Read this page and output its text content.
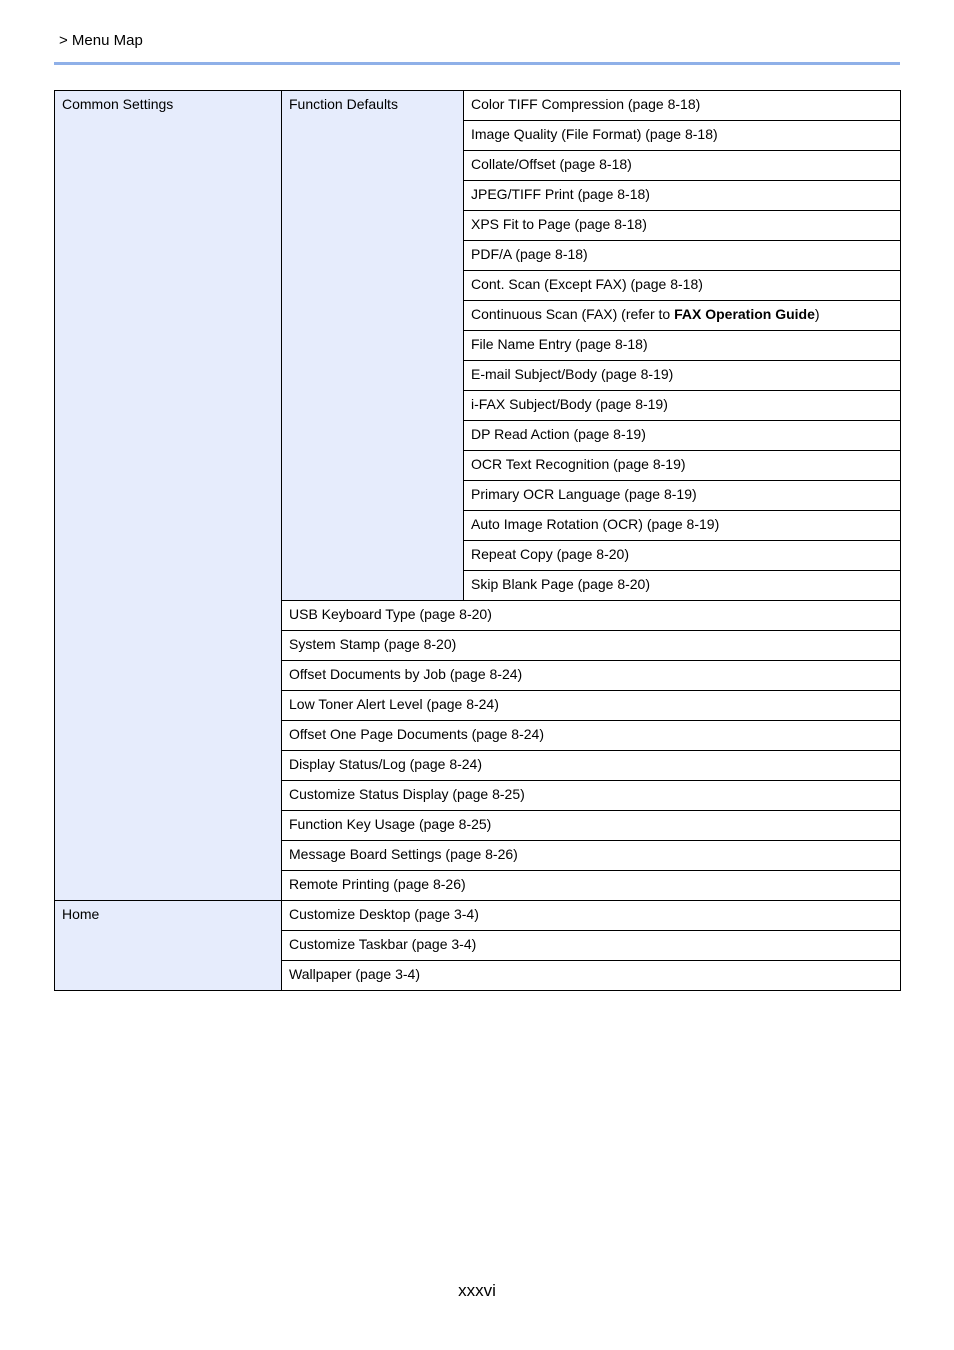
> Menu Map
Common Settings	Function Defaults	Color TIFF Compression (page 8-18)
		Image Quality (File Format) (page 8-18)
		Collate/Offset (page 8-18)
		JPEG/TIFF Print (page 8-18)
		XPS Fit to Page (page 8-18)
		PDF/A (page 8-18)
		Cont. Scan (Except FAX) (page 8-18)
		Continuous Scan (FAX) (refer to FAX Operation Guide)
		File Name Entry (page 8-18)
		E-mail Subject/Body (page 8-19)
		i-FAX Subject/Body (page 8-19)
		DP Read Action (page 8-19)
		OCR Text Recognition (page 8-19)
		Primary OCR Language (page 8-19)
		Auto Image Rotation (OCR) (page 8-19)
		Repeat Copy (page 8-20)
		Skip Blank Page (page 8-20)
	USB Keyboard Type (page 8-20)	
	System Stamp (page 8-20)	
	Offset Documents by Job (page 8-24)	
	Low Toner Alert Level (page 8-24)	
	Offset One Page Documents (page 8-24)	
	Display Status/Log (page 8-24)	
	Customize Status Display (page 8-25)	
	Function Key Usage (page 8-25)	
	Message Board Settings (page 8-26)	
	Remote Printing (page 8-26)	
Home	Customize Desktop (page 3-4)	
	Customize Taskbar (page 3-4)	
	Wallpaper (page 3-4)	
xxxvi
